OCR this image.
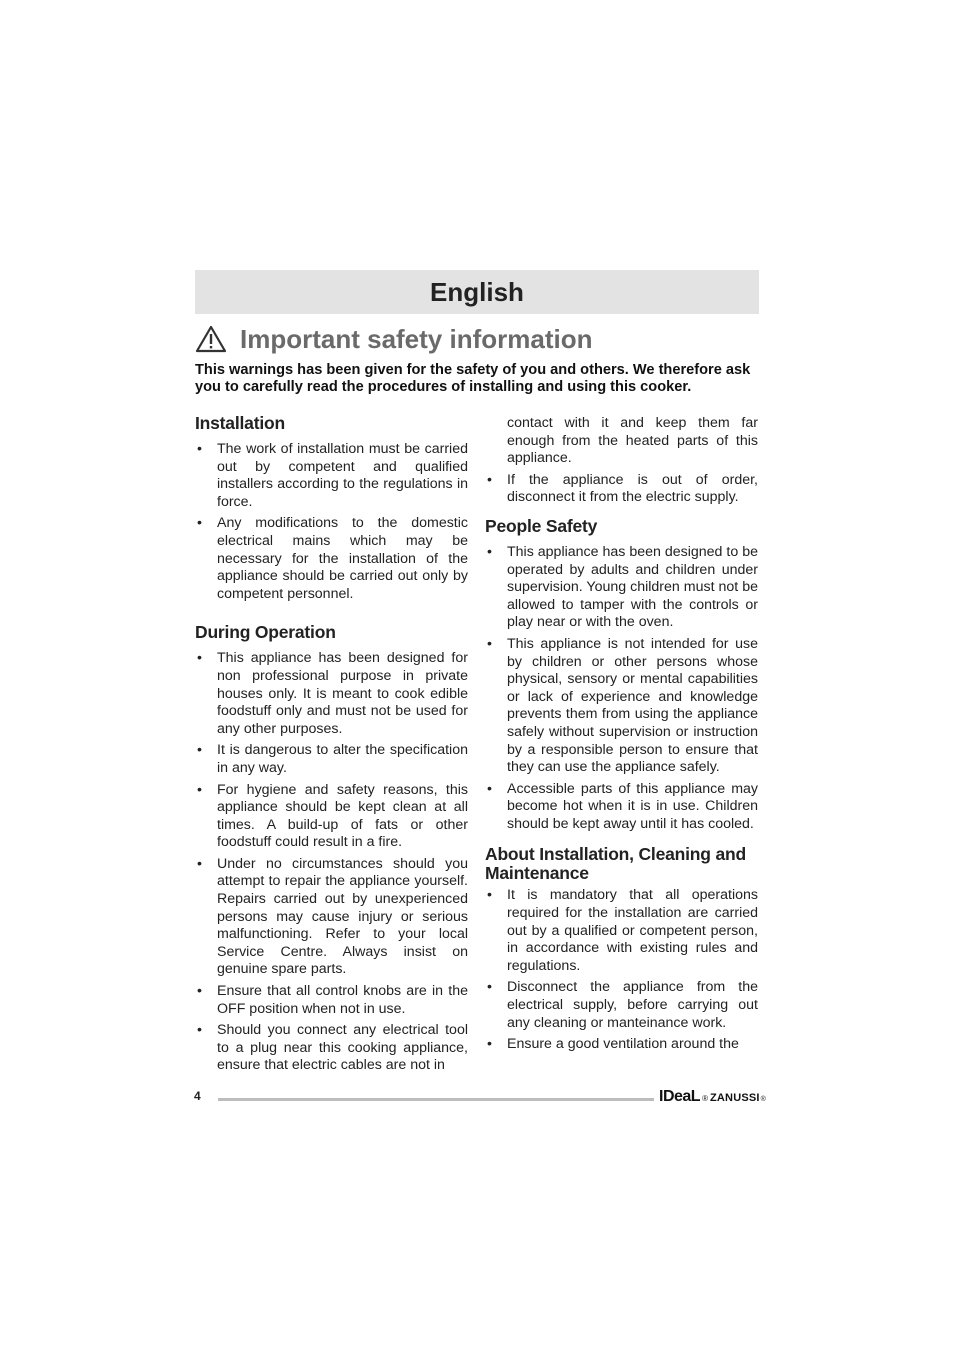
English
Important safety information
This warnings has been given for the safety of you and others. We therefore ask you to carefully read the procedures of installing and using this cooker.
Installation
• The work of installation must be carried out by competent and qualified installers according to the regulations in force.
• Any modifications to the domestic electrical mains which may be necessary for the installation of the appliance should be carried out only by competent personnel.
During Operation
• This appliance has been designed for non professional purpose in private houses only. It is meant to cook edible foodstuff only and must not be used for any other purposes.
• It is dangerous to alter the specification in any way.
• For hygiene and safety reasons, this appliance should be kept clean at all times. A build-up of fats or other foodstuff could result in a fire.
• Under no circumstances should you attempt to repair the appliance yourself. Repairs carried out by unexperienced persons may cause injury or serious malfunctioning. Refer to your local Service Centre. Always insist on genuine spare parts.
• Ensure that all control knobs are in the OFF position when not in use.
• Should you connect any electrical tool to a plug near this cooking appliance, ensure that electric cables are not in

contact with it and keep them far enough from the heated parts of this appliance.

• If the appliance is out of order, disconnect it from the electric supply.
People Safety
• This appliance has been designed to be operated by adults and children under supervision. Young children must not be allowed to tamper with the controls or play near or with the oven.
• This appliance is not intended for use by children or other persons whose physical, sensory or mental capabilities or lack of experience and knowledge prevents them from using the appliance safely without supervision or instruction by a responsible person to ensure that they can use the appliance safely.
• Accessible parts of this appliance may become hot when it is in use. Children should be kept away until it has cooled.
About Installation, Cleaning and Maintenance
• It is mandatory that all operations required for the installation are carried out by a qualified or competent person, in accordance with existing rules and regulations.
• Disconnect the appliance from the electrical supply, before carrying out any cleaning or manteinance work.
• Ensure a good ventilation around the
4	IDeaL ® ZANUSSI ®
